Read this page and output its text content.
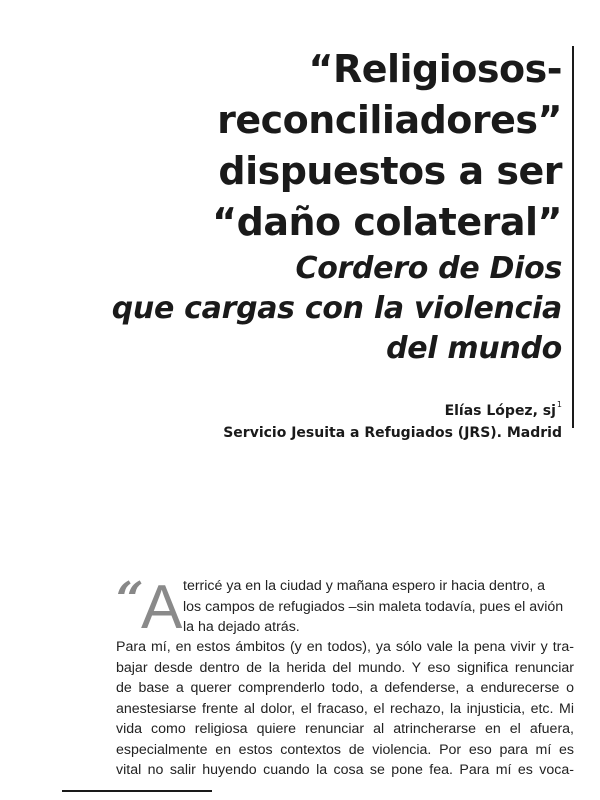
“Religiosos-
reconciliadores”
dispuestos a ser
“daño colateral”
Cordero de Dios
que cargas con la violencia
del mundo
Elías López, $sj^1$
Servicio Jesuita a Refugiados (JRS). Madrid
“
A terricé ya en la ciudad y mañana espero ir hacia dentro, a
los campos de refugiados –sin maleta todavía, pues el avión
la ha dejado atrás.
Para mí, en estos ámbitos (y en todos), ya sólo vale la pena vivir y tra-
bajar desde dentro de la herida del mundo. Y eso significa renunciar
de base a querer comprenderlo todo, a defenderse, a endurecerse o
anestesiarse frente al dolor, el fracaso, el rechazo, la injusticia, etc. Mi
vida como religiosa quiere renunciar al atrincherarse en el afuera,
especialmente en estos contextos de violencia. Por eso para mí es
vital no salir huyendo cuando la cosa se pone fea. Para mí es voca-
